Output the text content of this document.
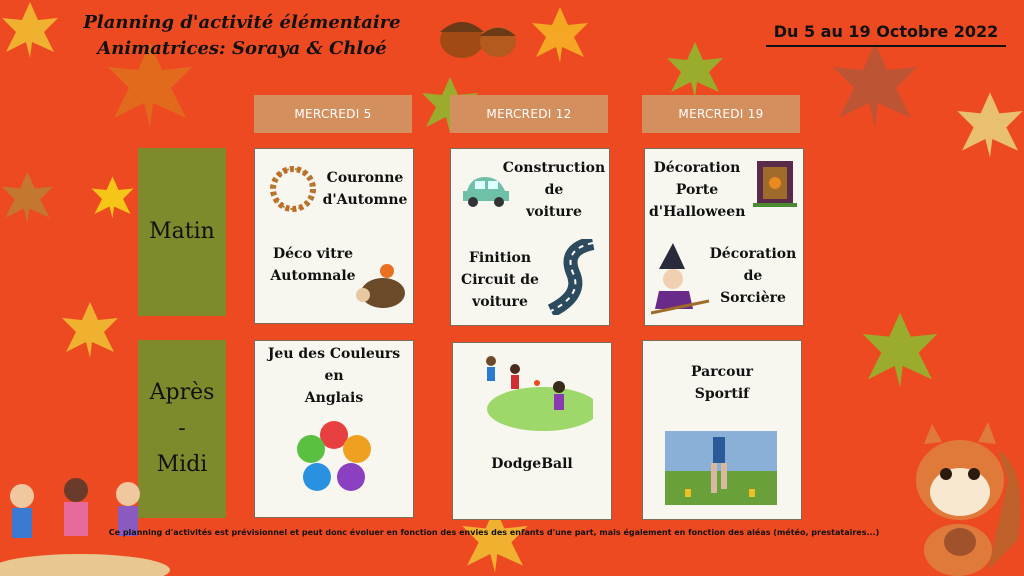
Planning d'activité élémentaire
Animatrices: Soraya & Chloé
Du 5 au 19 Octobre 2022
MERCREDI 5	MERCREDI 12	MERCREDI 19
Matin
Après
-
Midi
Couronne
d'Automne
Déco vitre
Automnale
Construction
de
voiture
Finition
Circuit de
voiture
Décoration
Porte
d'Halloween
Décoration
de
Sorcière
Jeu des Couleurs
en
Anglais
DodgeBall
Parcour
Sportif
Ce planning d'activités est prévisionnel et peut donc évoluer en fonction des envies des enfants d'une part, mais également en fonction des aléas (météo, prestataires...)
